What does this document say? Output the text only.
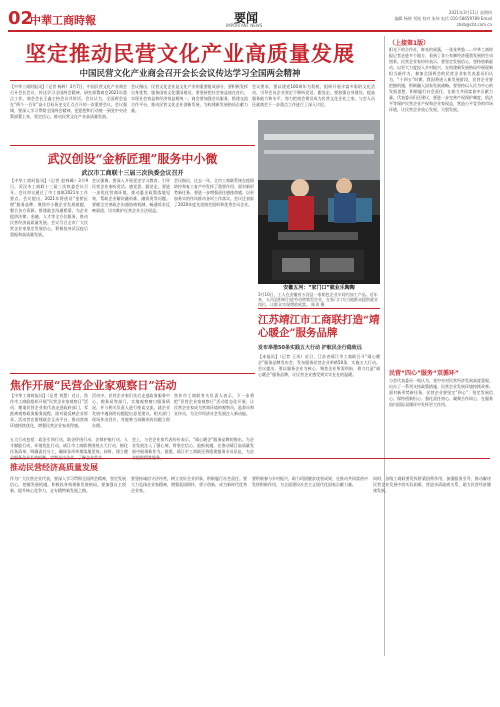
02
中華工商時報	要闻
IMPORTANT NEWS
2021年3月11日 星期四
编辑 杨婷 刘锐 校对 朱伟 电话 010-58659789 Email zhsb@cbt.com.cn
坚定推动民营文化产业高质量发展
中国民营文化产业商会召开会长会议传达学习全国两会精神
【中华工商时报讯】（记者 杨婷）3月7日，中国民营文化产业商会召开会长会议，传达学习全国两会精神，研究部署商会2021年重点工作。商会会长王鑫主持会议并讲话。会议认为，全国两会是在“两个一百年”奋斗目标历史交汇点召开的一次重要会议。会议强调，要深入学习贯彻全国两会精神，把思想和行动统一到党中央决策部署上来，坚定信心，推动民营文化产业高质量发展。
会议指出，民营文化企业是文化产业的重要组成部分，要积极发挥自身优势，服务国家文化强国建设。要坚持把社会效益放在首位，实现社会效益和经济效益相统一。商会要加强会员服务，搭建交流合作平台，推动民营文化企业创新发展，为构建新发展格局贡献力量。
会议要求，要以建党100周年为契机，组织开展丰富多彩的文化活动，引导会员企业坚定不移听党话、跟党走。要加强自身建设，提高服务能力和水平，努力把商会建设成为民营文化企业之家。与会人员还就商会下一步重点工作进行了深入讨论。
武汉创设“金桥匠理”服务中小微
武汉市工商联十三届三次执委会议召开
【中华工商时报讯】（记者 赵林峰）3月9日，武汉市工商联十三届三次执委会议召开。会议审议通过了市工商联2021年工作要点。会议提出，2021年将创设“金桥匠理”服务品牌，聚焦中小微企业发展难题，整合各方资源，搭建政企沟通桥梁，为企业提供法律、金融、人才等全方位服务，推动民营经济高质量发展。会议号召全市广大民营企业家坚定发展信心，积极投身武汉疫后重振和高质量发展。
会议强调，要深入开展党史学习教育，引导民营企业家听党话、感党恩、跟党走。要进一步优化营商环境，推动惠企政策落地见效，帮助企业解决融资难、融资贵等问题。要健全完善政企沟通协商机制，畅通诉求反映渠道，切实维护民营企业合法权益。
会议指出，过去一年，全市工商联系统在疫情防控和复工复产中发挥了重要作用。面对新形势新任务，要进一步增强责任感使命感，以更加务实的作风推动各项工作落实。会议还表彰了2020年度先进商会组织和优秀会员企业。
焦作开展“民营企业家观察日”活动
【中华工商时报讯】（记者 刘慧）近日，焦作市工商联组织开展“民营企业家观察日”活动，邀请民营企业家代表走进政府部门，零距离观察政务服务流程，面对面反映企业诉求。活动旨在搭建政企互动平台，推动营商环境持续优化，增强民营企业家获得感。
活动中，民营企业家们先后走进政务服务中心、税务局等部门，实地观察窗口服务情况，并与相关负责人进行座谈交流，就企业发展中遇到的问题提出意见建议。相关部门现场作出回应，对能够当场解决的问题立即办理。
焦作市工商联有关负责人表示，下一步将把“民营企业家观察日”活动常态化开展，让民营企业家成为营商环境的观察员、监督员和宣传员，为全市经济社会发展注入新动能。
3月10日，工人在安徽省五河县一家箱包企业车间内加工产品。近年来，五河县积极引进劳动密集型企业，在家门口为当地群众提供就业岗位，让群众实现增收致富。 陈贵 摄
安徽五河：“家门口”就业乐陶陶
江苏靖江市工商联打造“靖心暖企”服务品牌
发布举措50条实践五大行动 护航民企行稳致远
【本报讯】（记者 王凤）近日，江苏省靖江市工商联召开“靖心暖企”服务品牌发布会，发布服务民营企业举措50条，实施五大行动。会议提出，要以服务企业为核心，聚焦企业所需所盼，着力打造“靖心暖企”服务品牌，让民营企业感受到实实在在的温暖。
五大行动包括：政治引领行动、助企纾困行动、法律护航行动、人才赋能行动、环境优化行动。靖江市工商联将围绕五大行动，细化任务清单，明确责任分工，确保各项举措落地见效。同时，建立健
会上，与会企业家代表纷纷表示，“靖心暖企”服务品牌的推出，为企业发展注入了强心剂，将坚定信心、抢抓机遇，在推动靖江高质量发展中展现新作为。据悉，靖江市工商联还将组建服务专员队伍，为企
（上接第1版）
阳光下的合作社，鲜亮的果蔬，一张张笑脸……中华工商时报记者走进多个地方，看到了非公有制经济蓬勃发展的生动图景。民营企业家纷纷表示，要坚定发展信心，坚持创新驱动，以更大力度投入乡村振兴，在构建新发展格局中展现新担当新作为。参加全国两会的民营企业家代表委员们认为，“十四五”时期，我国将进入新发展阶段，民营企业要把握机遇，积极融入国家发展战略。要坚持以人民为中心的发展思想，积极履行社会责任，在助力共同富裕中贡献力量。代表委员们还建议，要进一步完善产权保护制度，依法平等保护民营企业产权和企业家权益，营造公平竞争的市场环境，让民营企业放心发展、大胆发展。
民营“四心”服务“双循环”
与会代表委员一致认为，党中央对民营经济发展高度重视，出台了一系列支持政策措施，民营企业发展环境持续改善。面对新形势新任务，民营企业要坚定“四心”：坚定发展信心、保持创新恒心、强化责任初心、凝聚合作同心，在服务国内国际双循环中发挥更大作用。
推动民营经济高质量发展
作为广大民营企业代表，要深入学习贯彻全国两会精神，坚定发展信心，把握发展机遇，积极投身构建新发展格局。要加强自主创新，提升核心竞争力，走专精特新发展之路。
要坚持诚信守法经营，树立良好企业形象，积极履行社会责任。要大力弘扬企业家精神，增强爱国情怀，勇于创新，成为新时代优秀企业家。
要积极参与乡村振兴，助力巩固脱贫攻坚成果，在推动共同富裕中发挥积极作用，为全面建设社会主义现代化国家贡献力量。
同时，各级工商联要发挥桥梁纽带作用，加强服务引导，推动解决民营企业发展中的实际困难，营造亲清政商关系，助力民营经济健康发展。
